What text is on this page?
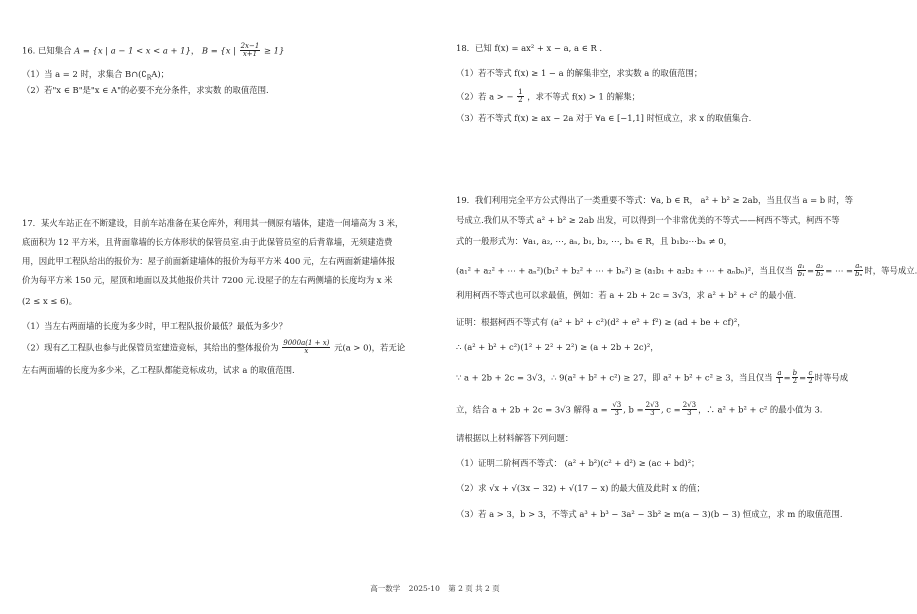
16. 已知集合 A = {x | a − 1 < x < a + 1}， B = {x | $\frac{2x-1}{x+1} \ge 1$}
（1）当 a = 2 时，求集合 $B\cap(∁_RA)$；
（2）若"x ∈ B"是"x ∈ A"的必要不充分条件，求实数 的取值范围.
17．某火车站正在不断建设，目前车站准备在某仓库外，利用其一侧原有墙体，建造一间墙高为 3 米，
底面积为 12 平方米，且背面靠墙的长方体形状的保管员室.由于此保管员室的后背靠墙，无须建造费
用，因此甲工程队给出的报价为：屋子前面新建墙体的报价为每平方米 400 元，左右两面新建墙体报
价为每平方米 150 元，屋顶和地面以及其他报价共计 7200 元.设屋子的左右两侧墙的长度均为 x 米
(2 ≤ x ≤ 6)。
（1）当左右两面墙的长度为多少时，甲工程队报价最低？最低为多少？
（2）现有乙工程队也参与此保管员室建造竞标，其给出的整体报价为 $\frac{9000a(1 + x)}{x}$ 元(a > 0)，若无论
左右两面墙的长度为多少米，乙工程队都能竞标成功，试求 a 的取值范围.
18．已知 f(x) = ax² + x − a, a ∈ R .
（1）若不等式 f(x) ≥ 1 − a 的解集非空，求实数 a 的取值范围；
（2）若 a > − $\frac{1}{2}$ ，求不等式 f(x) > 1 的解集；
（3）若不等式 f(x) ≥ ax − 2a 对于 ∀a ∈ [−1,1] 时恒成立，求 x 的取值集合.
19．我们利用完全平方公式得出了一类重要不等式：∀a, b ∈ R， a² + b² ≥ 2ab，当且仅当 a = b 时，等
号成立.我们从不等式 a² + b² ≥ 2ab 出发，可以得到一个非常优美的不等式——柯西不等式，柯西不等
式的一般形式为：∀a₁, a₂, ⋯, aₙ, b₁, b₂, ⋯, bₙ ∈ R，且 b₁b₂⋯bₙ ≠ 0，
(a₁² + a₂² + ⋯ + aₙ²)(b₁² + b₂² + ⋯ + bₙ²) ≥ (a₁b₁ + a₂b₂ + ⋯ + aₙbₙ)²，当且仅当 $\frac{\text{a₁}}{\text{b₁}} = \frac{\text{a₂}}{\text{b₂}}$ = ⋯ = $\frac{\text{aₙ}}{\text{bₙ}}$ 时，等号成立.
利用柯西不等式也可以求最值，例如：若 a + 2b + 2c = 3√3，求 a² + b² + c² 的最小值.
证明：根据柯西不等式有 (a² + b² + c²)(d² + e² + f²) ≥ (ad + be + cf)²，
∴ (a² + b² + c²)(1² + 2² + 2²) ≥ (a + 2b + 2c)²，
∵ a + 2b + 2c = 3√3，∴ 9(a² + b² + c²) ≥ 27，即 a² + b² + c² ≥ 3，当且仅当 $\frac{a}{1} = \frac{b}{2} = \frac{c}{2}$ 时等号成
立，结合 a + 2b + 2c = 3√3 解得 $a = \frac{√3}{3}$ , $b = \frac{2√3}{3}$ , $c = \frac{2√3}{3}$ ，∴ a² + b² + c² 的最小值为 3.
请根据以上材料解答下列问题：
（1）证明二阶柯西不等式： (a² + b²)(c² + d²) ≥ (ac + bd)²；
（2）求 √x + √(3x − 32) + √(17 − x) 的最大值及此时 x 的值；
（3）若 a > 3，b > 3，不等式 a³ + b³ − 3a² − 3b² ≥ m(a − 3)(b − 3) 恒成立，求 m 的取值范围.
高一数学 2025-10 第 2 页 共 2 页
